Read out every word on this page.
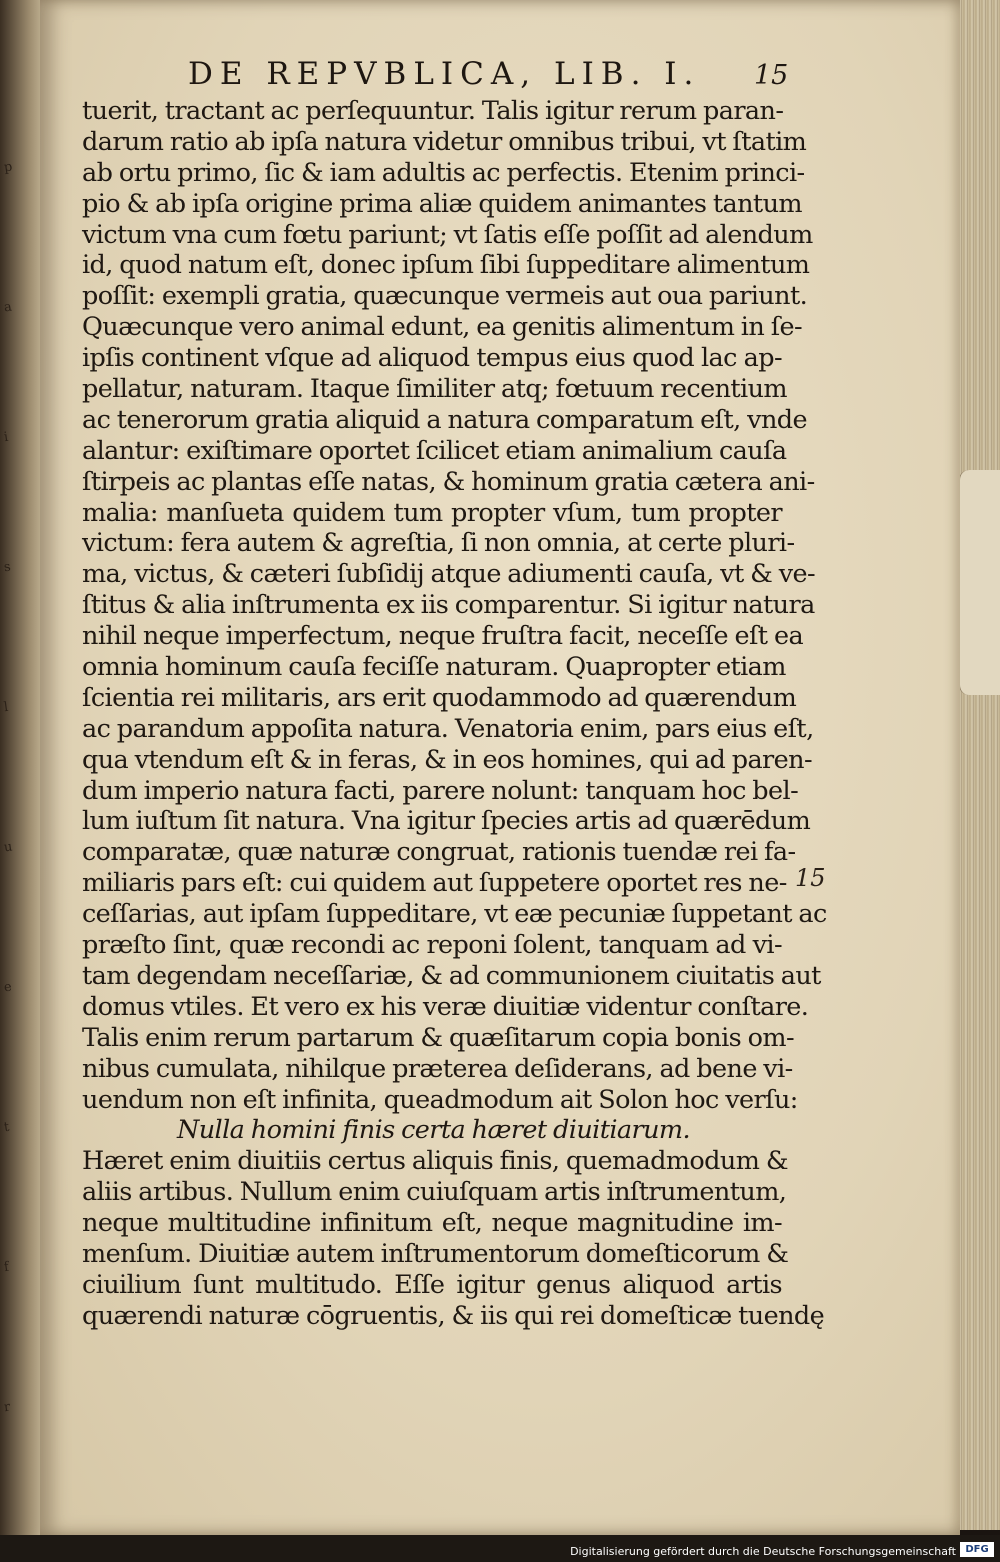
p
a
i
s
l
u
e
t
f
r
DE REPVBLICA, LIB. I.	15
tuerit, tractant ac perſequuntur. Talis igitur rerum paran-
darum ratio ab ipſa natura videtur omnibus tribui, vt ſtatim
ab ortu primo, ſic & iam adultis ac perfectis. Etenim princi-
pio & ab ipſa origine prima aliæ quidem animantes tantum
victum vna cum fœtu pariunt; vt ſatis eſſe poſſit ad alendum
id, quod natum eſt, donec ipſum ſibi ſuppeditare alimentum
poſſit: exempli gratia, quæcunque vermeis aut oua pariunt.
Quæcunque vero animal edunt, ea genitis alimentum in ſe-
ipſis continent vſque ad aliquod tempus eius quod lac ap-
pellatur, naturam. Itaque ſimiliter atq; fœtuum recentium
ac tenerorum gratia aliquid a natura comparatum eſt, vnde
alantur: exiſtimare oportet ſcilicet etiam animalium cauſa
ſtirpeis ac plantas eſſe natas, & hominum gratia cætera ani-
malia: manſueta quidem tum propter vſum, tum propter
victum: fera autem & agreſtia, ſi non omnia, at certe pluri-
ma, victus, & cæteri ſubſidij atque adiumenti cauſa, vt & ve-
ſtitus & alia inſtrumenta ex iis comparentur. Si igitur natura
nihil neque imperfectum, neque fruſtra facit, neceſſe eſt ea
omnia hominum cauſa feciſſe naturam. Quapropter etiam
ſcientia rei militaris, ars erit quodammodo ad quærendum
ac parandum appoſita natura. Venatoria enim, pars eius eſt,
qua vtendum eſt & in feras, & in eos homines, qui ad paren-
dum imperio natura facti, parere nolunt: tanquam hoc bel-
lum iuſtum ſit natura. Vna igitur ſpecies artis ad quærēdum
comparatæ, quæ naturæ congruat, rationis tuendæ rei fa-
miliaris pars eſt: cui quidem aut ſuppetere oportet res ne-
ceſſarias, aut ipſam ſuppeditare, vt eæ pecuniæ ſuppetant ac
præſto ſint, quæ recondi ac reponi ſolent, tanquam ad vi-
tam degendam neceſſariæ, & ad communionem ciuitatis aut
domus vtiles. Et vero ex his veræ diuitiæ videntur conſtare.
Talis enim rerum partarum & quæſitarum copia bonis om-
nibus cumulata, nihilque præterea deſiderans, ad bene vi-
uendum non eſt infinita, queadmodum ait Solon hoc verſu:
Nulla homini finis certa hæret diuitiarum.
Hæret enim diuitiis certus aliquis finis, quemadmodum &
aliis artibus. Nullum enim cuiuſquam artis inſtrumentum,
neque multitudine infinitum eſt, neque magnitudine im-
menſum. Diuitiæ autem inſtrumentorum domeſticorum &
ciuilium ſunt multitudo. Eſſe igitur genus aliquod artis
quærendi naturæ cōgruentis, & iis qui rei domeſticæ tuendę
15
Digitalisierung gefördert durch die Deutsche Forschungsgemeinschaft DFG
